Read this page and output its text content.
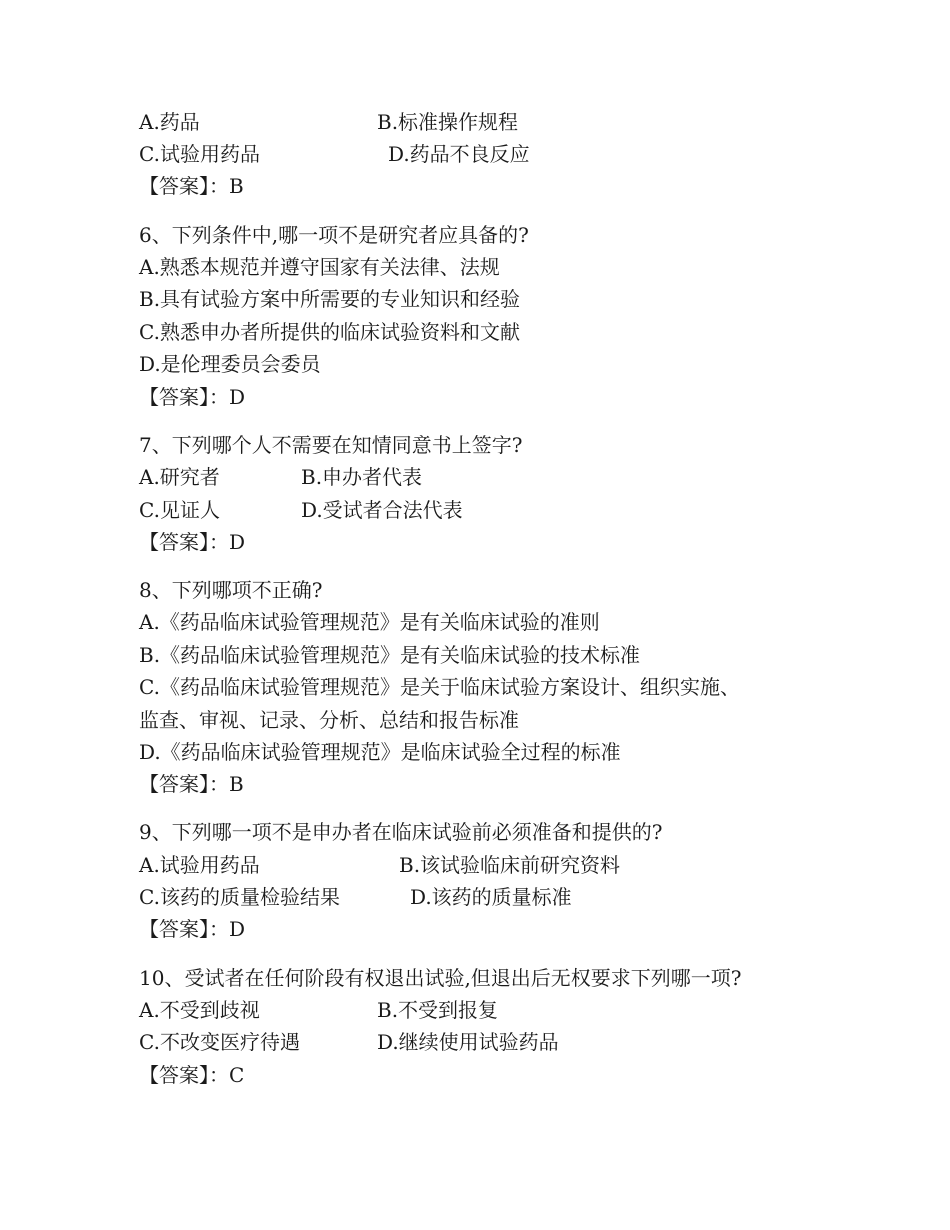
A.药品	B.标准操作规程
C.试验用药品	D.药品不良反应
【答案】：B
6、下列条件中,哪一项不是研究者应具备的?
A.熟悉本规范并遵守国家有关法律、法规
B.具有试验方案中所需要的专业知识和经验
C.熟悉申办者所提供的临床试验资料和文献
D.是伦理委员会委员
【答案】：D
7、下列哪个人不需要在知情同意书上签字?
A.研究者	B.申办者代表
C.见证人	D.受试者合法代表
【答案】：D
8、下列哪项不正确?
A.《药品临床试验管理规范》是有关临床试验的准则
B.《药品临床试验管理规范》是有关临床试验的技术标准
C.《药品临床试验管理规范》是关于临床试验方案设计、组织实施、
监查、审视、记录、分析、总结和报告标准
D.《药品临床试验管理规范》是临床试验全过程的标准
【答案】：B
9、下列哪一项不是申办者在临床试验前必须准备和提供的?
A.试验用药品	B.该试验临床前研究资料
C.该药的质量检验结果	D.该药的质量标准
【答案】：D
10、受试者在任何阶段有权退出试验,但退出后无权要求下列哪一项?
A.不受到歧视	B.不受到报复
C.不改变医疗待遇	D.继续使用试验药品
【答案】：C
